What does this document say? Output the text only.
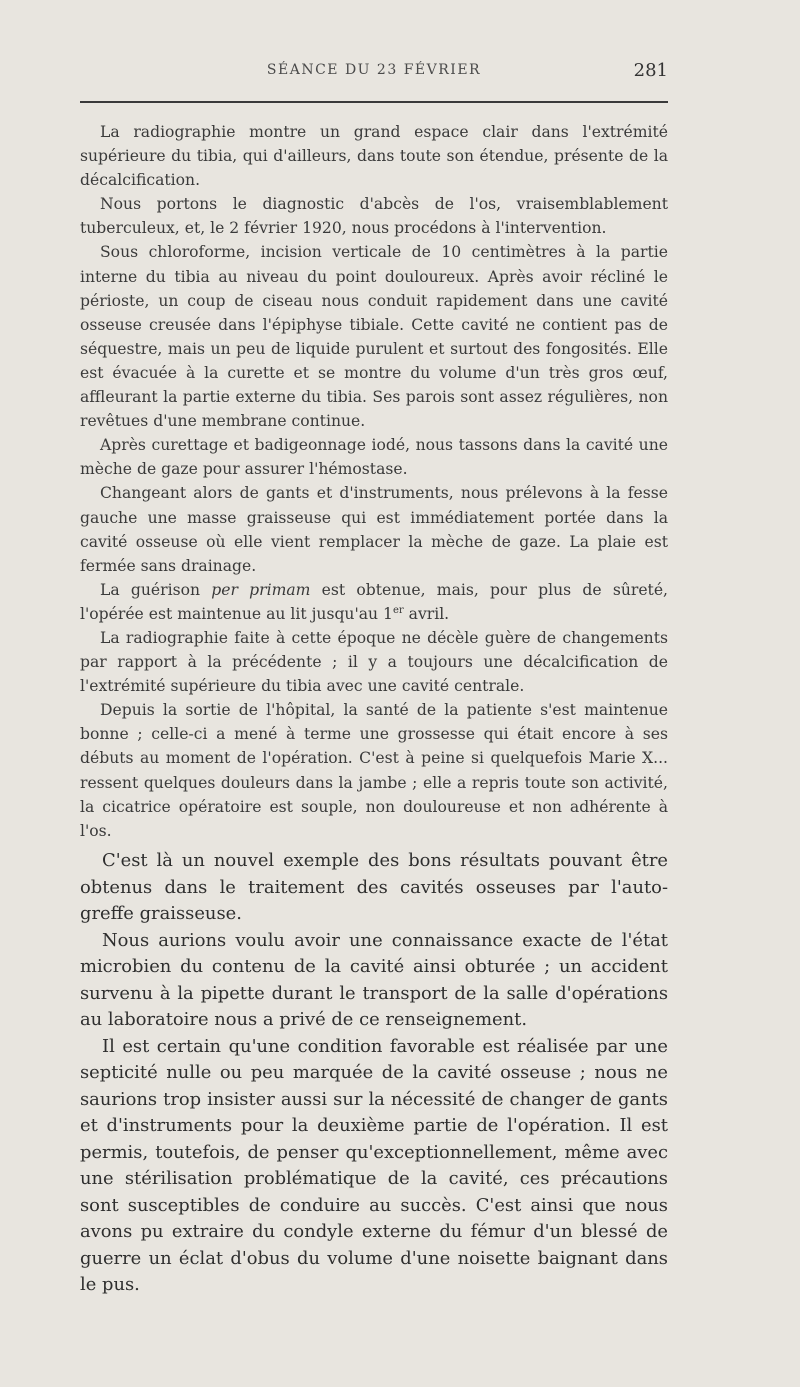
SÉANCE DU 23 FÉVRIER	281

La radiographie montre un grand espace clair dans l'extrémité supérieure du tibia, qui d'ailleurs, dans toute son étendue, présente de la décalcification.

Nous portons le diagnostic d'abcès de l'os, vraisemblablement tuberculeux, et, le 2 février 1920, nous procédons à l'intervention.

Sous chloroforme, incision verticale de 10 centimètres à la partie interne du tibia au niveau du point douloureux. Après avoir récliné le périoste, un coup de ciseau nous conduit rapidement dans une cavité osseuse creusée dans l'épiphyse tibiale. Cette cavité ne contient pas de séquestre, mais un peu de liquide purulent et surtout des fongosités. Elle est évacuée à la curette et se montre du volume d'un très gros œuf, affleurant la partie externe du tibia. Ses parois sont assez régulières, non revêtues d'une membrane continue.

Après curettage et badigeonnage iodé, nous tassons dans la cavité une mèche de gaze pour assurer l'hémostase.

Changeant alors de gants et d'instruments, nous prélevons à la fesse gauche une masse graisseuse qui est immédiatement portée dans la cavité osseuse où elle vient remplacer la mèche de gaze. La plaie est fermée sans drainage.

La guérison per primam est obtenue, mais, pour plus de sûreté, l'opérée est maintenue au lit jusqu'au 1er avril.

La radiographie faite à cette époque ne décèle guère de changements par rapport à la précédente ; il y a toujours une décalcification de l'extrémité supérieure du tibia avec une cavité centrale.

Depuis la sortie de l'hôpital, la santé de la patiente s'est maintenue bonne ; celle-ci a mené à terme une grossesse qui était encore à ses débuts au moment de l'opération. C'est à peine si quelquefois Marie X... ressent quelques douleurs dans la jambe ; elle a repris toute son activité, la cicatrice opératoire est souple, non douloureuse et non adhérente à l'os.

C'est là un nouvel exemple des bons résultats pouvant être obtenus dans le traitement des cavités osseuses par l'auto-greffe graisseuse.

Nous aurions voulu avoir une connaissance exacte de l'état microbien du contenu de la cavité ainsi obturée ; un accident survenu à la pipette durant le transport de la salle d'opérations au laboratoire nous a privé de ce renseignement.

Il est certain qu'une condition favorable est réalisée par une septicité nulle ou peu marquée de la cavité osseuse ; nous ne saurions trop insister aussi sur la nécessité de changer de gants et d'instruments pour la deuxième partie de l'opération. Il est permis, toutefois, de penser qu'exceptionnellement, même avec une stérilisation problématique de la cavité, ces précautions sont susceptibles de conduire au succès. C'est ainsi que nous avons pu extraire du condyle externe du fémur d'un blessé de guerre un éclat d'obus du volume d'une noisette baignant dans le pus.
